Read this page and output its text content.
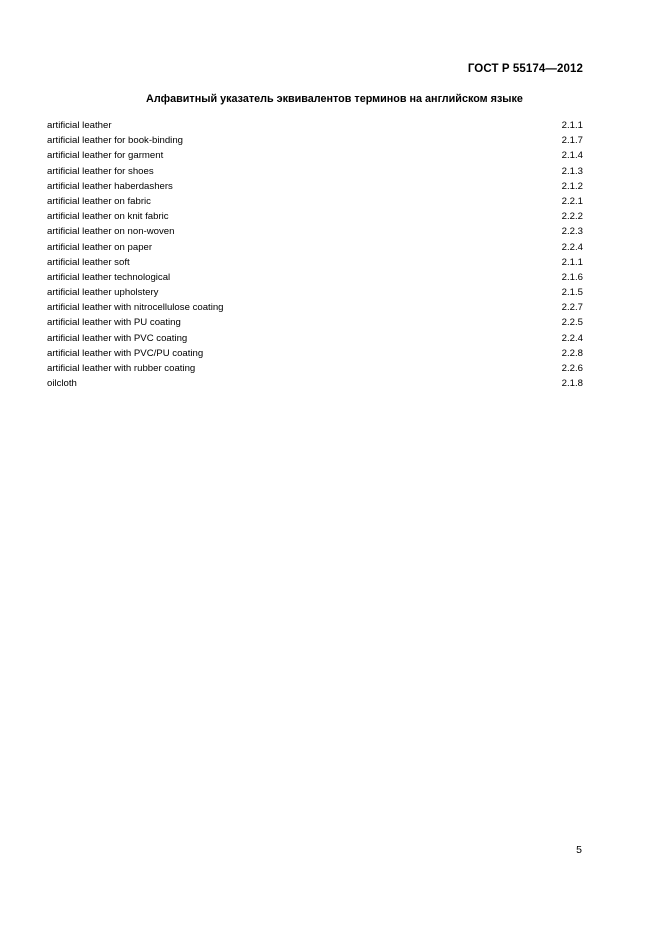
ГОСТ Р 55174—2012
Алфавитный указатель эквивалентов терминов на английском языке
artificial leather	2.1.1
artificial leather for book-binding	2.1.7
artificial leather for garment	2.1.4
artificial leather for shoes	2.1.3
artificial leather haberdashers	2.1.2
artificial leather on fabric	2.2.1
artificial leather on knit fabric	2.2.2
artificial leather on non-woven	2.2.3
artificial leather on paper	2.2.4
artificial leather soft	2.1.1
artificial leather technological	2.1.6
artificial leather upholstery	2.1.5
artificial leather with nitrocellulose coating	2.2.7
artificial leather with PU coating	2.2.5
artificial leather with PVC coating	2.2.4
artificial leather with PVC/PU coating	2.2.8
artificial leather with rubber coating	2.2.6
oilcloth	2.1.8
5
